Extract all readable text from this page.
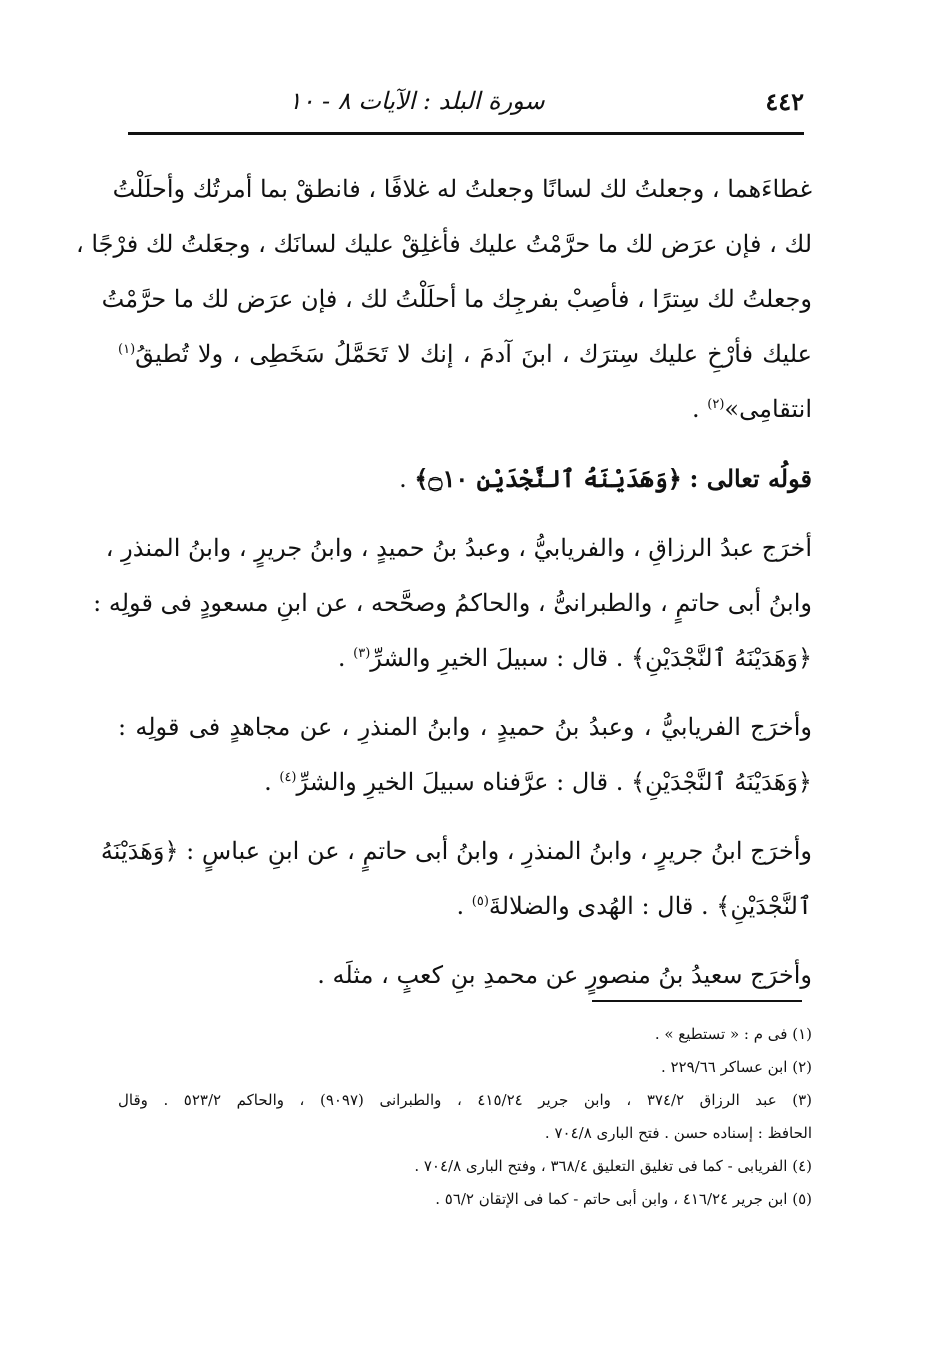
٤٤٢
سورة البلد : الآيات ٨ - ١٠
غطاءَهما ، وجعلتُ لك لسانًا وجعلتُ له غلافًا ، فانطقْ بما أمرتُك وأحلَلْتُ
لك ، فإن عرَض لك ما حرَّمْتُ عليك فأغلِقْ عليك لسانَك ، وجعَلتُ لك فرْجًا ،
وجعلتُ لك سِترًا ، فأصِبْ بفرجِك ما أحلَلْتُ لك ، فإن عرَض لك ما حرَّمْتُ
عليك فأرْخِ عليك سِترَك ، ابنَ آدمَ ، إنك لا تَحَمَّلُ سَخَطِى ، ولا تُطيقُ$^{(١)}$
انتقامِى»$^{(٢)}$ .
قولُه تعالى : ﴿وَهَدَيْنَهُ ٱلنَّجْدَيْنِ ۝١٠﴾ .
أخرَج عبدُ الرزاقِ ، والفريابيُّ ، وعبدُ بنُ حميدٍ ، وابنُ جريرٍ ، وابنُ المنذرِ ،
وابنُ أبى حاتمٍ ، والطبرانىُّ ، والحاكمُ وصحَّحه ، عن ابنِ مسعودٍ فى قولِه :
﴿وَهَدَيْنَهُ ٱلنَّجْدَيْنِ﴾ . قال : سبيلَ الخيرِ والشرِّ$^{(٣)}$ .
وأخرَج الفريابيُّ ، وعبدُ بنُ حميدٍ ، وابنُ المنذرِ ، عن مجاهدٍ فى قولِه :
﴿وَهَدَيْنَهُ ٱلنَّجْدَيْنِ﴾ . قال : عرَّفناه سبيلَ الخيرِ والشرِّ$^{(٤)}$ .
وأخرَج ابنُ جريرٍ ، وابنُ المنذرِ ، وابنُ أبى حاتمٍ ، عن ابنِ عباسٍ : ﴿وَهَدَيْنَهُ
ٱلنَّجْدَيْنِ﴾ . قال : الهُدى والضلالةَ$^{(٥)}$ .
وأخرَج سعيدُ بنُ منصورٍ عن محمدِ بنِ كعبٍ ، مثلَه .
(١) فى م : « تستطيع » .
(٢) ابن عساكر ٢٢٩/٦٦ .
(٣) عبد الرزاق ٣٧٤/٢ ، وابن جرير ٤١٥/٢٤ ، والطبرانى (٩٠٩٧) ، والحاكم ٥٢٣/٢ . وقال
الحافظ : إسناده حسن . فتح البارى ٧٠٤/٨ .
(٤) الفريابى - كما فى تغليق التعليق ٣٦٨/٤ ، وفتح البارى ٧٠٤/٨ .
(٥) ابن جرير ٤١٦/٢٤ ، وابن أبى حاتم - كما فى الإتقان ٥٦/٢ .
